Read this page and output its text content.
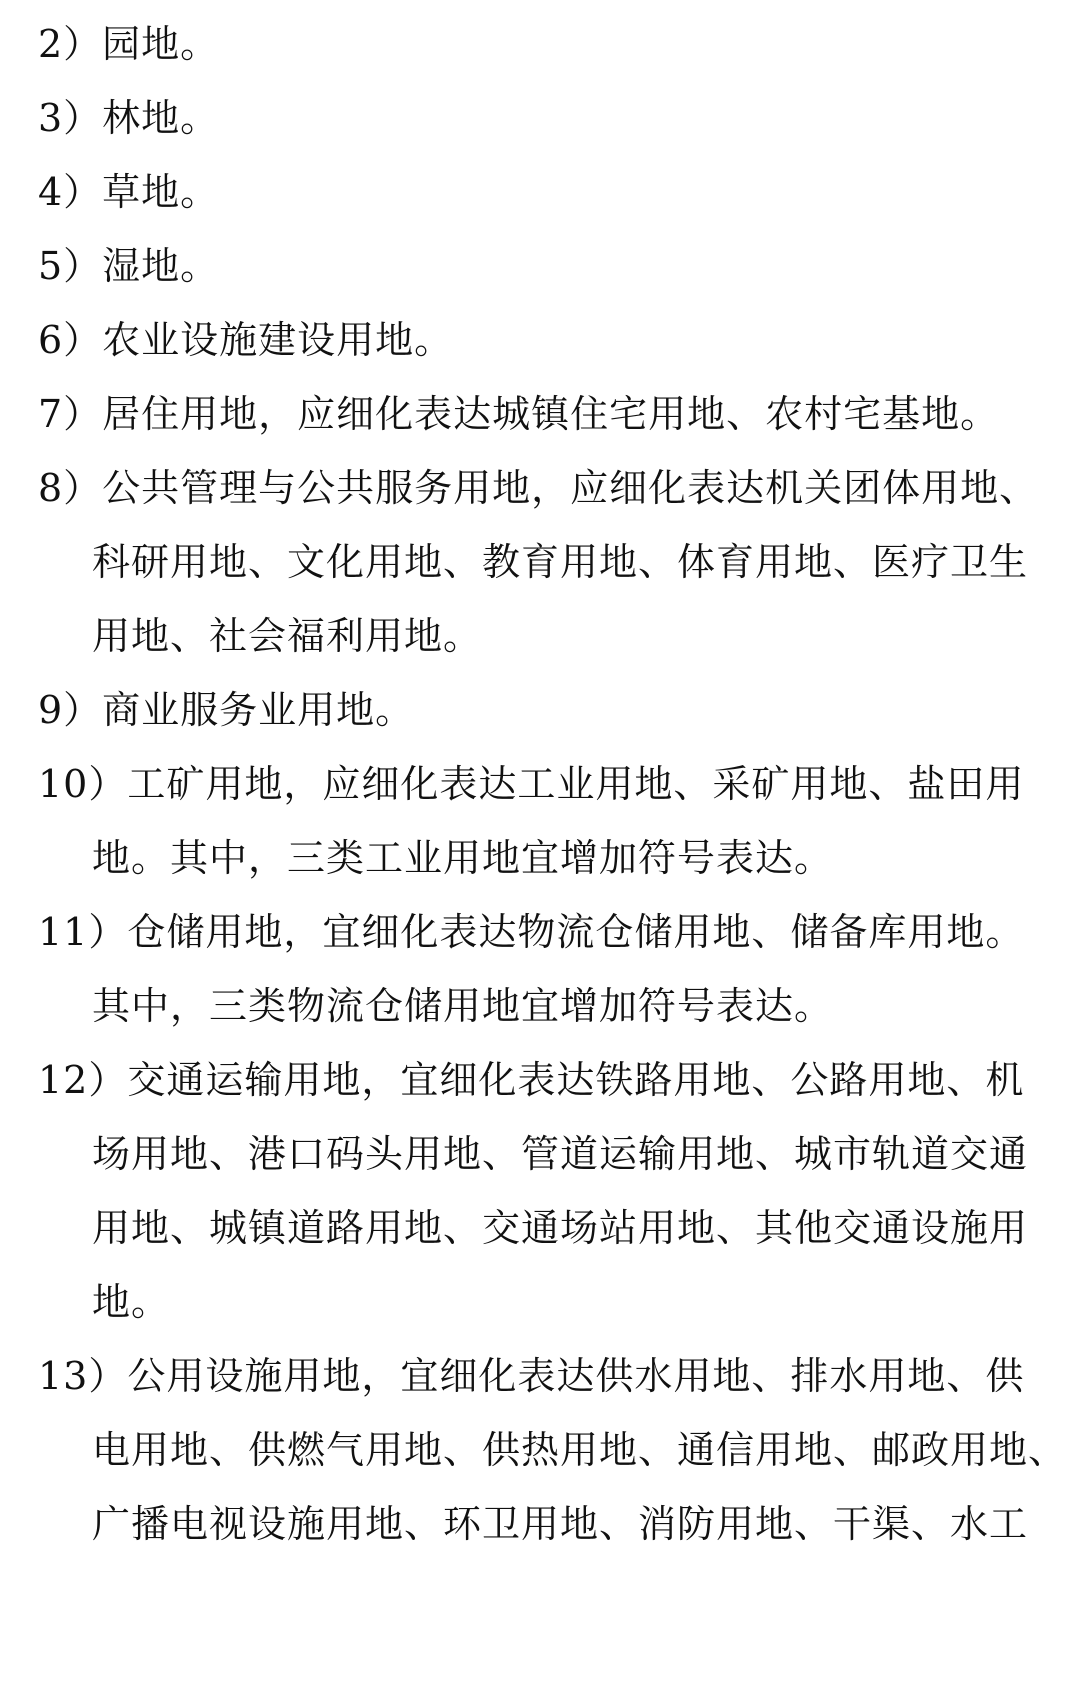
2）园地。
3）林地。
4）草地。
5）湿地。
6）农业设施建设用地。
7）居住用地，应细化表达城镇住宅用地、农村宅基地。
8）公共管理与公共服务用地，应细化表达机关团体用地、
科研用地、文化用地、教育用地、体育用地、医疗卫生
用地、社会福利用地。
9）商业服务业用地。
10）工矿用地，应细化表达工业用地、采矿用地、盐田用
地。其中，三类工业用地宜增加符号表达。
11）仓储用地，宜细化表达物流仓储用地、储备库用地。
其中，三类物流仓储用地宜增加符号表达。
12）交通运输用地，宜细化表达铁路用地、公路用地、机
场用地、港口码头用地、管道运输用地、城市轨道交通
用地、城镇道路用地、交通场站用地、其他交通设施用
地。
13）公用设施用地，宜细化表达供水用地、排水用地、供
电用地、供燃气用地、供热用地、通信用地、邮政用地、
广播电视设施用地、环卫用地、消防用地、干渠、水工
